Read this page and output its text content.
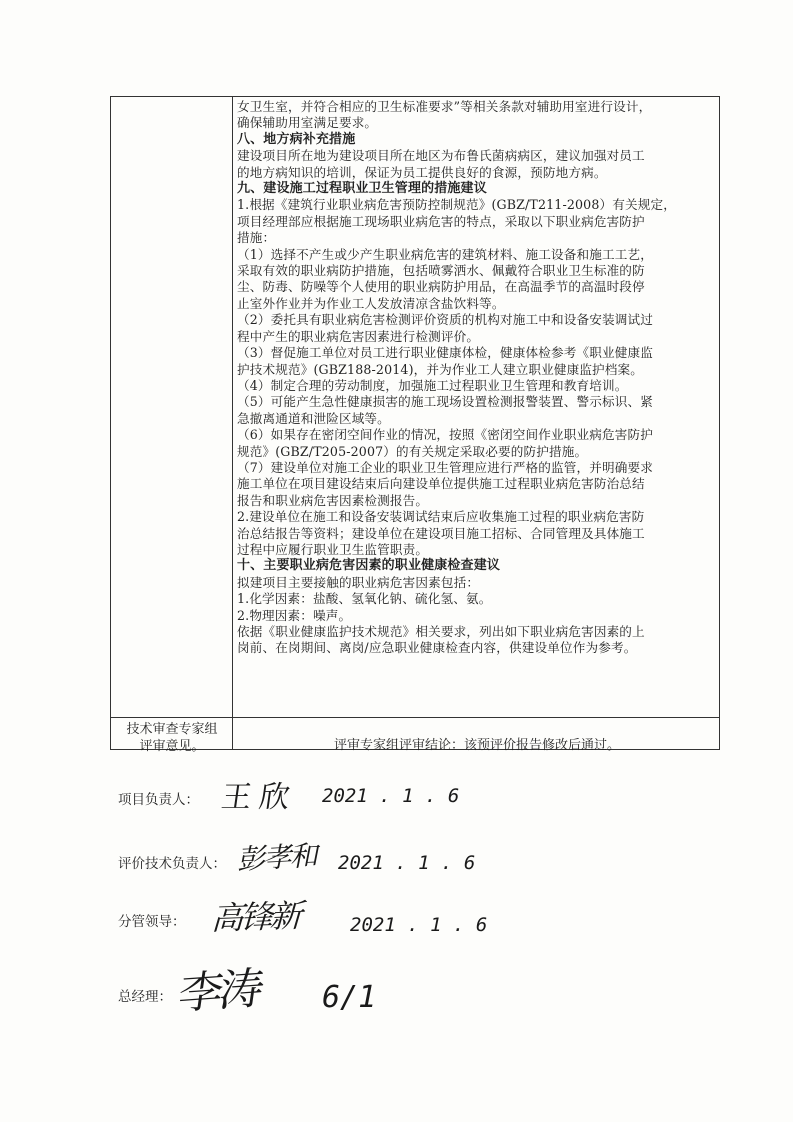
女卫生室，并符合相应的卫生标准要求”等相关条款对辅助用室进行设计，

确保辅助用室满足要求。

八、地方病补充措施

建设项目所在地为建设项目所在地区为布鲁氏菌病病区，建议加强对员工

的地方病知识的培训，保证为员工提供良好的食源，预防地方病。

九、建设施工过程职业卫生管理的措施建议

1.根据《建筑行业职业病危害预防控制规范》(GBZ/T211-2008）有关规定，

项目经理部应根据施工现场职业病危害的特点，采取以下职业病危害防护

措施：

（1）选择不产生或少产生职业病危害的建筑材料、施工设备和施工工艺，

采取有效的职业病防护措施，包括喷雾洒水、佩戴符合职业卫生标准的防

尘、防毒、防噪等个人使用的职业病防护用品，在高温季节的高温时段停

止室外作业并为作业工人发放清凉含盐饮料等。

（2）委托具有职业病危害检测评价资质的机构对施工中和设备安装调试过

程中产生的职业病危害因素进行检测评价。

（3）督促施工单位对员工进行职业健康体检，健康体检参考《职业健康监

护技术规范》(GBZ188-2014)，并为作业工人建立职业健康监护档案。

（4）制定合理的劳动制度，加强施工过程职业卫生管理和教育培训。

（5）可能产生急性健康损害的施工现场设置检测报警装置、警示标识、紧

急撤离通道和泄险区域等。

（6）如果存在密闭空间作业的情况，按照《密闭空间作业职业病危害防护

规范》(GBZ/T205-2007）的有关规定采取必要的防护措施。

（7）建设单位对施工企业的职业卫生管理应进行严格的监管，并明确要求

施工单位在项目建设结束后向建设单位提供施工过程职业病危害防治总结

报告和职业病危害因素检测报告。

2.建设单位在施工和设备安装调试结束后应收集施工过程的职业病危害防

治总结报告等资料；建设单位在建设项目施工招标、合同管理及具体施工

过程中应履行职业卫生监管职责。

十、主要职业病危害因素的职业健康检查建议

拟建项目主要接触的职业病危害因素包括：

1.化学因素：盐酸、氢氧化钠、硫化氢、氨。

2.物理因素：噪声。

依据《职业健康监护技术规范》相关要求，列出如下职业病危害因素的上

岗前、在岗期间、离岗/应急职业健康检查内容，供建设单位作为参考。

技术审查专家组
评审意见。	评审专家组评审结论：该预评价报告修改后通过。
项目负责人： 王欣 2021 . 1 . 6
评价技术负责人： 彭孝和 2021 . 1 . 6
分管领导： 高锋新 2021 . 1 . 6
总经理： 李涛 6/1
